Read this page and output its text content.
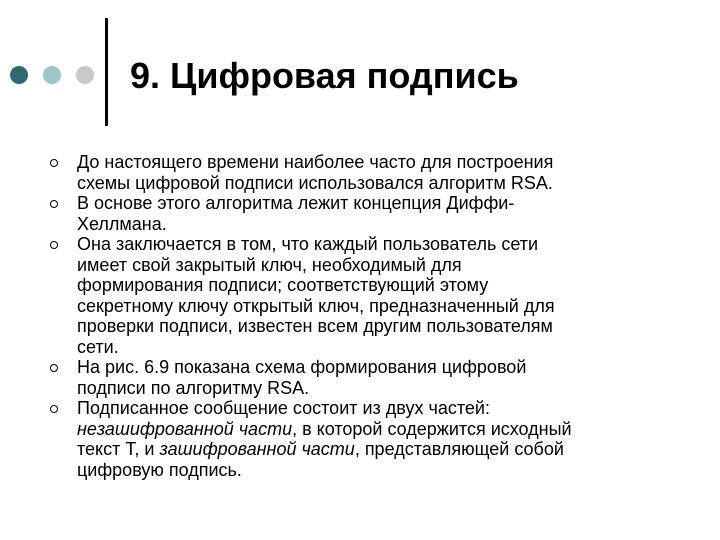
9. Цифровая подпись
До настоящего времени наиболее часто для построения
схемы цифровой подписи использовался алгоритм RSA.
В основе этого алгоритма лежит концепция Диффи-
Хеллмана.
Она заключается в том, что каждый пользователь сети
имеет свой закрытый ключ, необходимый для
формирования подписи; соответствующий этому
секретному ключу открытый ключ, предназначенный для
проверки подписи, известен всем другим пользователям
сети.
На рис. 6.9 показана схема формирования цифровой
подписи по алгоритму RSA.
Подписанное сообщение состоит из двух частей:
незашифрованной части, в которой содержится исходный
текст T, и зашифрованной части, представляющей собой
цифровую подпись.
